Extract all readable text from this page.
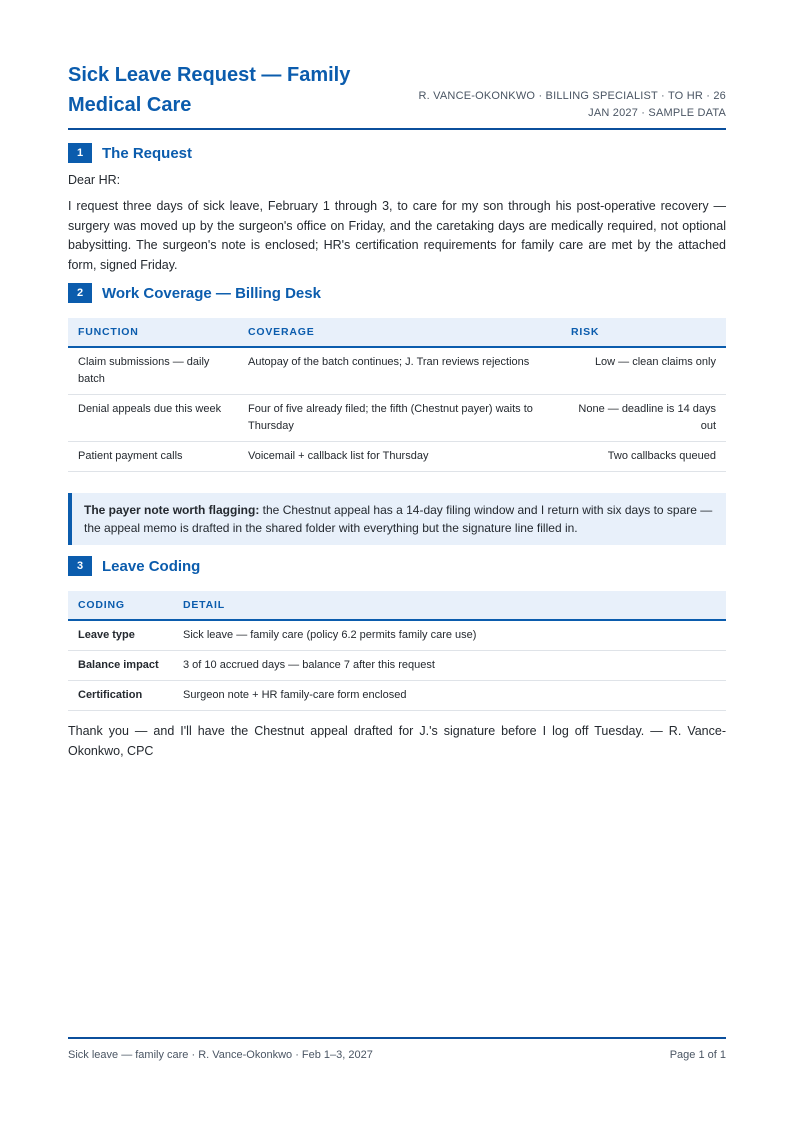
Sick Leave Request — Family Medical Care	R. VANCE-OKONKWO · BILLING SPECIALIST · TO HR · 26 JAN 2027 · SAMPLE DATA
1	The Request
Dear HR:
I request three days of sick leave, February 1 through 3, to care for my son through his post-operative recovery — surgery was moved up by the surgeon's office on Friday, and the caretaking days are medically required, not optional babysitting. The surgeon's note is enclosed; HR's certification requirements for family care are met by the attached form, signed Friday.
2	Work Coverage — Billing Desk
FUNCTION	COVERAGE	RISK
Claim submissions — daily batch	Autopay of the batch continues; J. Tran reviews rejections	Low — clean claims only
Denial appeals due this week	Four of five already filed; the fifth (Chestnut payer) waits to Thursday	None — deadline is 14 days out
Patient payment calls	Voicemail + callback list for Thursday	Two callbacks queued
The payer note worth flagging: the Chestnut appeal has a 14-day filing window and I return with six days to spare — the appeal memo is drafted in the shared folder with everything but the signature line filled in.
3	Leave Coding
CODING	DETAIL
Leave type	Sick leave — family care (policy 6.2 permits family care use)
Balance impact	3 of 10 accrued days — balance 7 after this request
Certification	Surgeon note + HR family-care form enclosed
Thank you — and I'll have the Chestnut appeal drafted for J.'s signature before I log off Tuesday. — R. Vance-Okonkwo, CPC
Sick leave — family care · R. Vance-Okonkwo · Feb 1–3, 2027	Page 1 of 1
